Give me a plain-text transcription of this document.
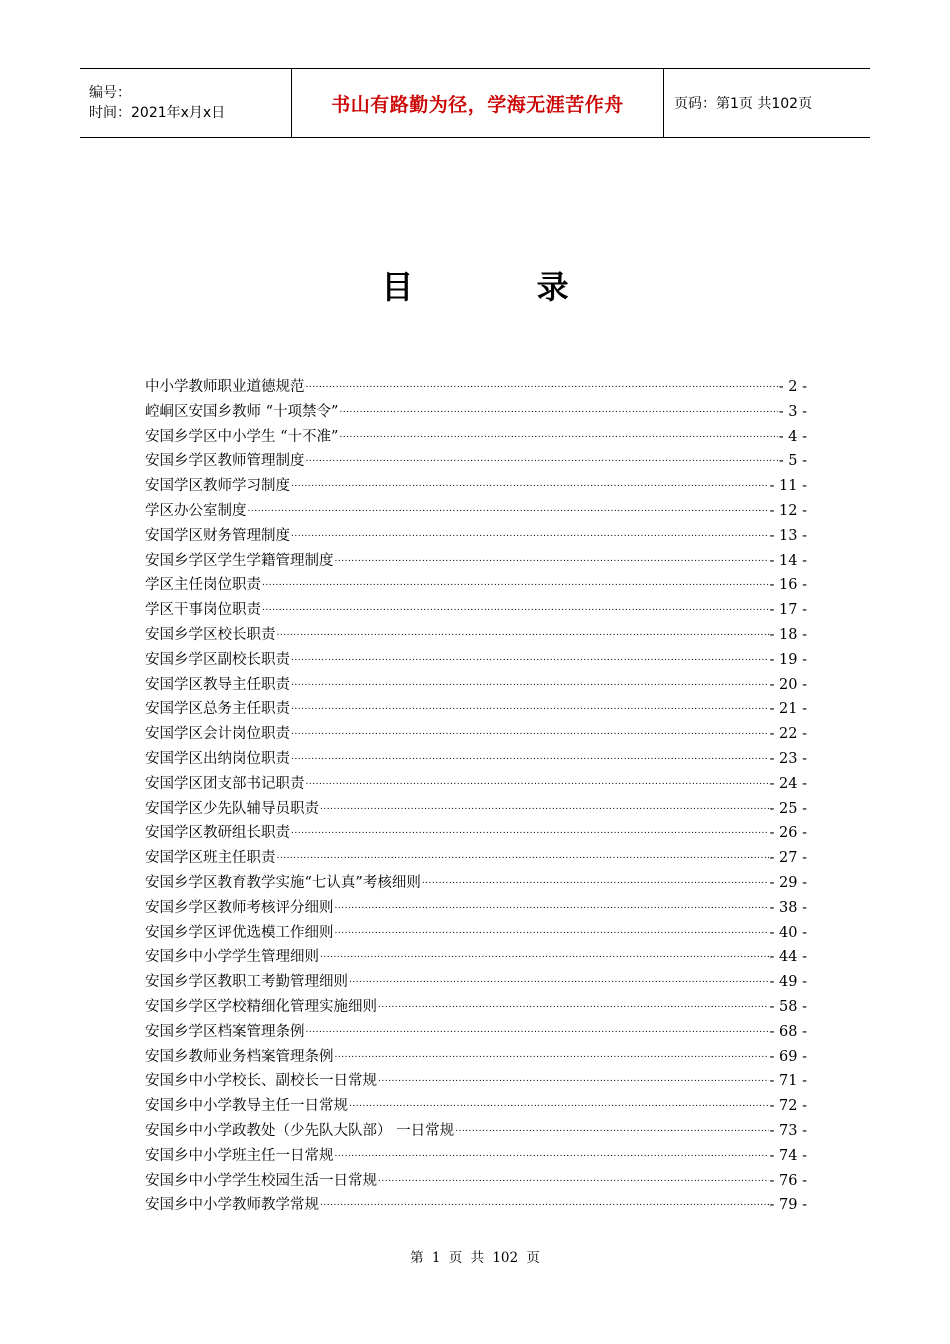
编号：
时间：2021年x月x日	书山有路勤为径，学海无涯苦作舟	页码：第1页 共102页
目 录
中小学教师职业道德规范 .....	- 2 -
崆峒区安国乡教师 “十项禁令” .....	- 3 -
安国乡学区中小学生 “十不准” .....	- 4 -
安国乡学区教师管理制度 .....	- 5 -
安国学区教师学习制度 .....	- 11 -
学区办公室制度 .....	- 12 -
安国学区财务管理制度 .....	- 13 -
安国乡学区学生学籍管理制度 .....	- 14 -
学区主任岗位职责 .....	- 16 -
学区干事岗位职责 .....	- 17 -
安国乡学区校长职责 .....	- 18 -
安国乡学区副校长职责 .....	- 19 -
安国学区教导主任职责 .....	- 20 -
安国学区总务主任职责 .....	- 21 -
安国学区会计岗位职责 .....	- 22 -
安国学区出纳岗位职责 .....	- 23 -
安国学区团支部书记职责 .....	- 24 -
安国学区少先队辅导员职责 .....	- 25 -
安国学区教研组长职责 .....	- 26 -
安国学区班主任职责 .....	- 27 -
安国乡学区教育教学实施“七认真”考核细则 .....	- 29 -
安国乡学区教师考核评分细则 .....	- 38 -
安国乡学区评优选模工作细则 .....	- 40 -
安国乡中小学学生管理细则 .....	- 44 -
安国乡学区教职工考勤管理细则 .....	- 49 -
安国乡学区学校精细化管理实施细则 .....	- 58 -
安国乡学区档案管理条例 .....	- 68 -
安国乡教师业务档案管理条例 .....	- 69 -
安国乡中小学校长、副校长一日常规 .....	- 71 -
安国乡中小学教导主任一日常规 .....	- 72 -
安国乡中小学政教处（少先队大队部） 一日常规 .....	- 73 -
安国乡中小学班主任一日常规 .....	- 74 -
安国乡中小学学生校园生活一日常规 .....	- 76 -
安国乡中小学教师教学常规 .....	- 79 -
第 1 页 共 102 页
